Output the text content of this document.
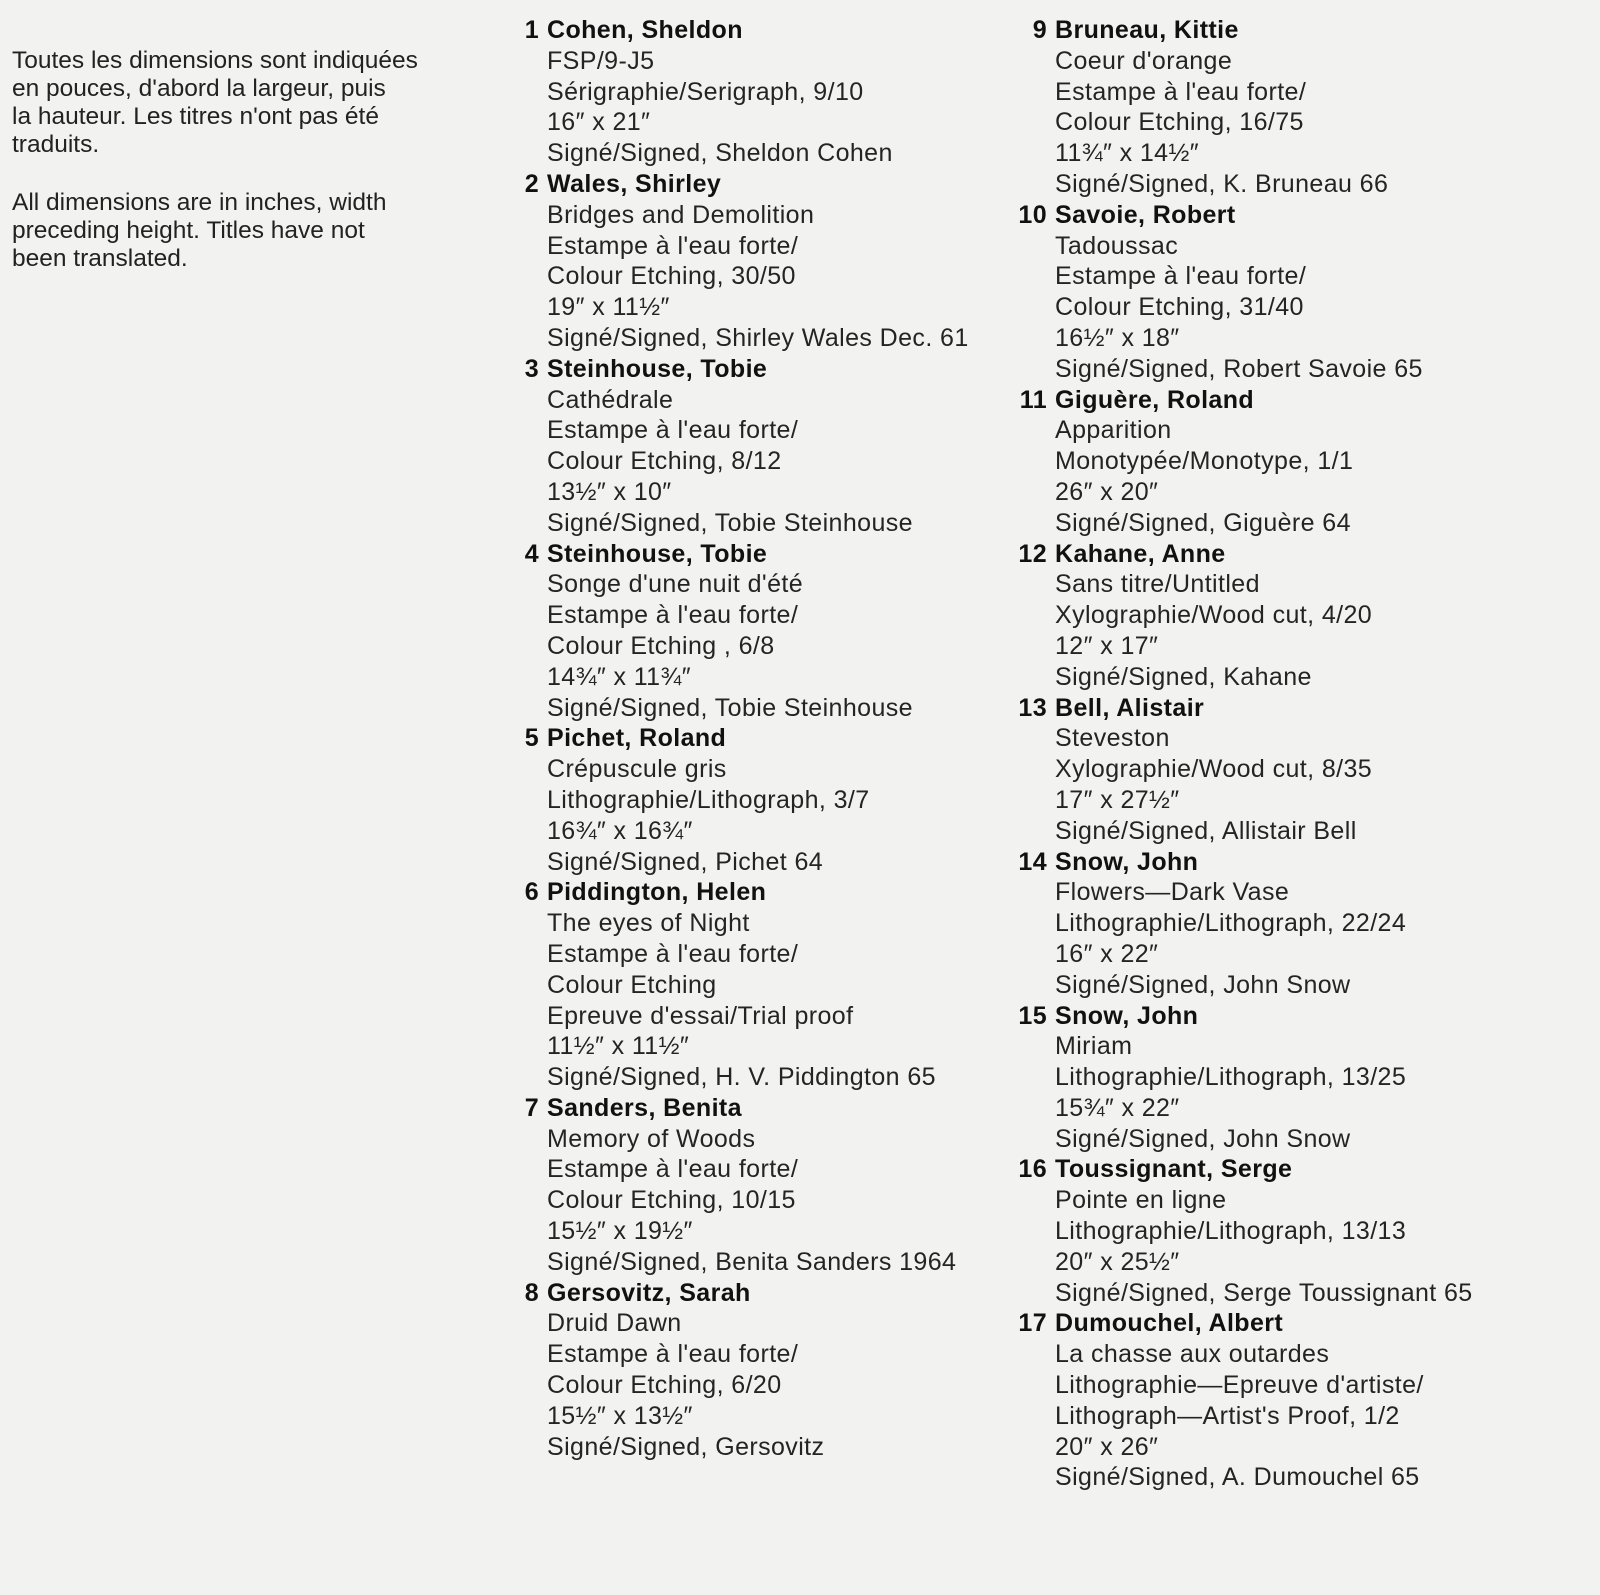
Toutes les dimensions sont indiquées
en pouces, d'abord la largeur, puis
la hauteur. Les titres n'ont pas été
traduits.

All dimensions are in inches, width
preceding height. Titles have not
been translated.

1 Cohen, Sheldon
FSP/9-J5
Sérigraphie/Serigraph, 9/10
16″ x 21″
Signé/Signed, Sheldon Cohen
2 Wales, Shirley
Bridges and Demolition
Estampe à l'eau forte/
Colour Etching, 30/50
19″ x 11½″
Signé/Signed, Shirley Wales Dec. 61
3 Steinhouse, Tobie
Cathédrale
Estampe à l'eau forte/
Colour Etching, 8/12
13½″ x 10″
Signé/Signed, Tobie Steinhouse
4 Steinhouse, Tobie
Songe d'une nuit d'été
Estampe à l'eau forte/
Colour Etching , 6/8
14¾″ x 11¾″
Signé/Signed, Tobie Steinhouse
5 Pichet, Roland
Crépuscule gris
Lithographie/Lithograph, 3/7
16¾″ x 16¾″
Signé/Signed, Pichet 64
6 Piddington, Helen
The eyes of Night
Estampe à l'eau forte/
Colour Etching
Epreuve d'essai/Trial proof
11½″ x 11½″
Signé/Signed, H. V. Piddington 65
7 Sanders, Benita
Memory of Woods
Estampe à l'eau forte/
Colour Etching, 10/15
15½″ x 19½″
Signé/Signed, Benita Sanders 1964
8 Gersovitz, Sarah
Druid Dawn
Estampe à l'eau forte/
Colour Etching, 6/20
15½″ x 13½″
Signé/Signed, Gersovitz
9 Bruneau, Kittie
Coeur d'orange
Estampe à l'eau forte/
Colour Etching, 16/75
11¾″ x 14½″
Signé/Signed, K. Bruneau 66
10 Savoie, Robert
Tadoussac
Estampe à l'eau forte/
Colour Etching, 31/40
16½″ x 18″
Signé/Signed, Robert Savoie 65
11 Giguère, Roland
Apparition
Monotypée/Monotype, 1/1
26″ x 20″
Signé/Signed, Giguère 64
12 Kahane, Anne
Sans titre/Untitled
Xylographie/Wood cut, 4/20
12″ x 17″
Signé/Signed, Kahane
13 Bell, Alistair
Steveston
Xylographie/Wood cut, 8/35
17″ x 27½″
Signé/Signed, Allistair Bell
14 Snow, John
Flowers—Dark Vase
Lithographie/Lithograph, 22/24
16″ x 22″
Signé/Signed, John Snow
15 Snow, John
Miriam
Lithographie/Lithograph, 13/25
15¾″ x 22″
Signé/Signed, John Snow
16 Toussignant, Serge
Pointe en ligne
Lithographie/Lithograph, 13/13
20″ x 25½″
Signé/Signed, Serge Toussignant 65
17 Dumouchel, Albert
La chasse aux outardes
Lithographie—Epreuve d'artiste/
Lithograph—Artist's Proof, 1/2
20″ x 26″
Signé/Signed, A. Dumouchel 65
